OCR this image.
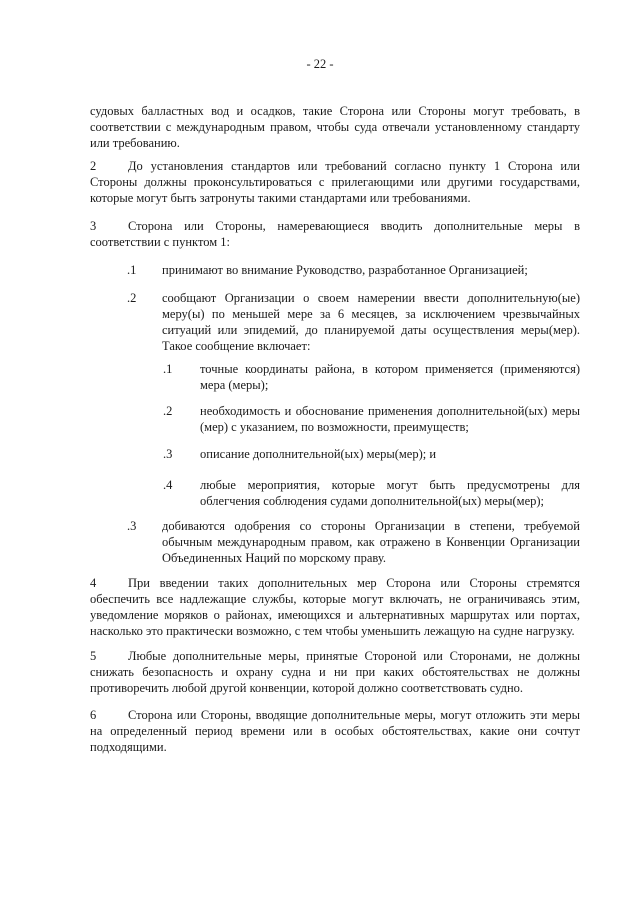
- 22 -
судовых балластных вод и осадков, такие Сторона или Стороны могут требовать, в соответствии с международным правом, чтобы суда отвечали установленному стандарту или требованию.
2	До установления стандартов или требований согласно пункту 1 Сторона или Стороны должны проконсультироваться с прилегающими или другими государствами, которые могут быть затронуты такими стандартами или требованиями.
3	Сторона или Стороны, намеревающиеся вводить дополнительные меры в соответствии с пунктом 1:
.1 принимают во внимание Руководство, разработанное Организацией;
.2 сообщают Организации о своем намерении ввести дополнительную(ые) меру(ы) по меньшей мере за 6 месяцев, за исключением чрезвычайных ситуаций или эпидемий, до планируемой даты осуществления меры(мер). Такое сообщение включает:
.1 точные координаты района, в котором применяется (применяются) мера (меры);
.2 необходимость и обоснование применения дополнительной(ых) меры (мер) с указанием, по возможности, преимуществ;
.3 описание дополнительной(ых) меры(мер); и
.4 любые мероприятия, которые могут быть предусмотрены для облегчения соблюдения судами дополнительной(ых) меры(мер);
.3 добиваются одобрения со стороны Организации в степени, требуемой обычным международным правом, как отражено в Конвенции Организации Объединенных Наций по морскому праву.
4	При введении таких дополнительных мер Сторона или Стороны стремятся обеспечить все надлежащие службы, которые могут включать, не ограничиваясь этим, уведомление моряков о районах, имеющихся и альтернативных маршрутах или портах, насколько это практически возможно, с тем чтобы уменьшить лежащую на судне нагрузку.
5	Любые дополнительные меры, принятые Стороной или Сторонами, не должны снижать безопасность и охрану судна и ни при каких обстоятельствах не должны противоречить любой другой конвенции, которой должно соответствовать судно.
6	Сторона или Стороны, вводящие дополнительные меры, могут отложить эти меры на определенный период времени или в особых обстоятельствах, какие они сочтут подходящими.
